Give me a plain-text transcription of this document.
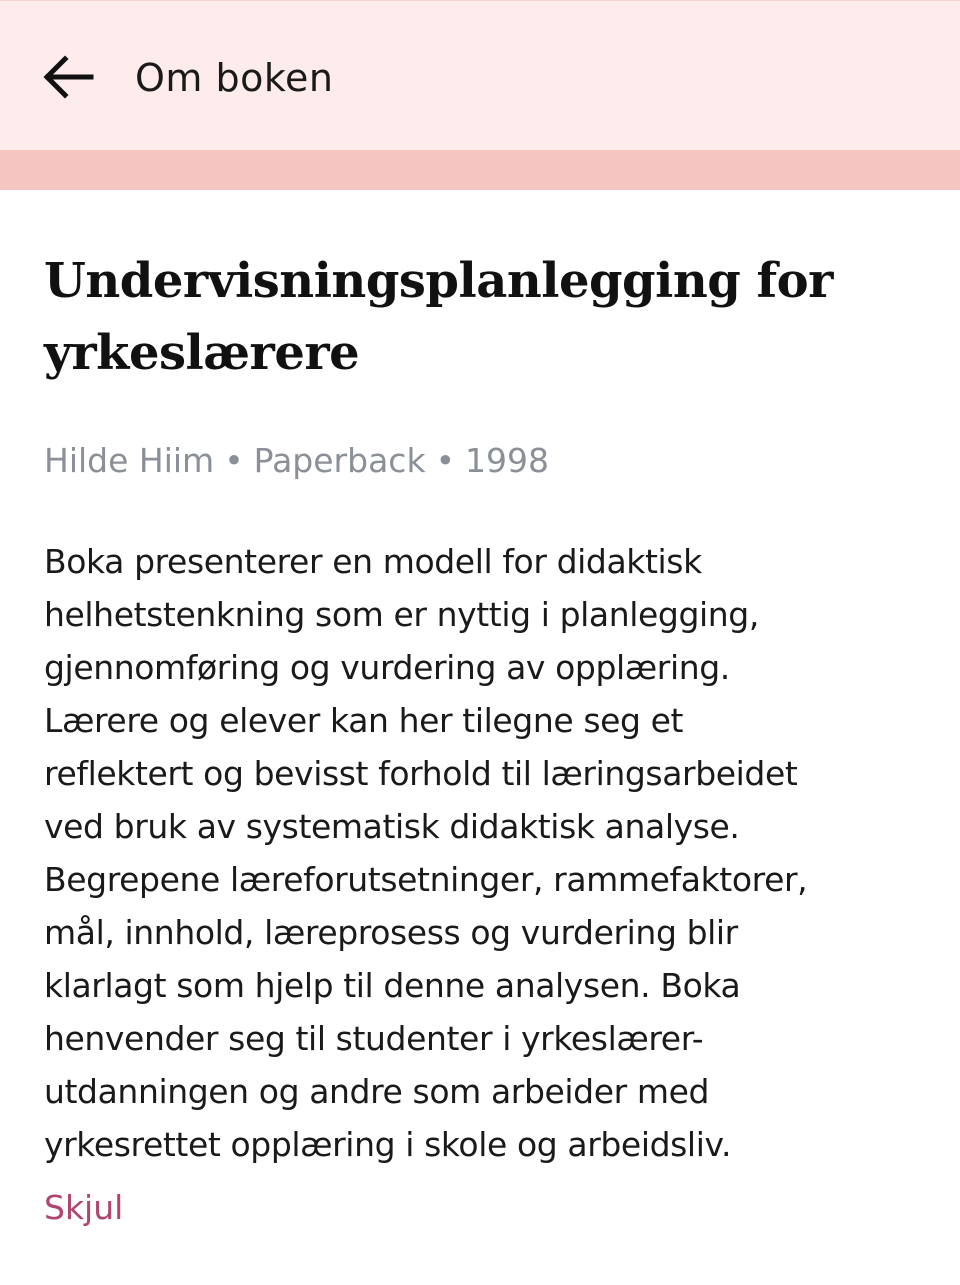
Om boken
Undervisningsplanlegging for
yrkeslærere
Hilde Hiim • Paperback • 1998
Boka presenterer en modell for didaktisk
helhetstenkning som er nyttig i planlegging,
gjennomføring og vurdering av opplæring.
Lærere og elever kan her tilegne seg et
reflektert og bevisst forhold til læringsarbeidet
ved bruk av systematisk didaktisk analyse.
Begrepene læreforutsetninger, rammefaktorer,
mål, innhold, læreprosess og vurdering blir
klarlagt som hjelp til denne analysen. Boka
henvender seg til studenter i yrkeslærer-
utdanningen og andre som arbeider med
yrkesrettet opplæring i skole og arbeidsliv.
Skjul
